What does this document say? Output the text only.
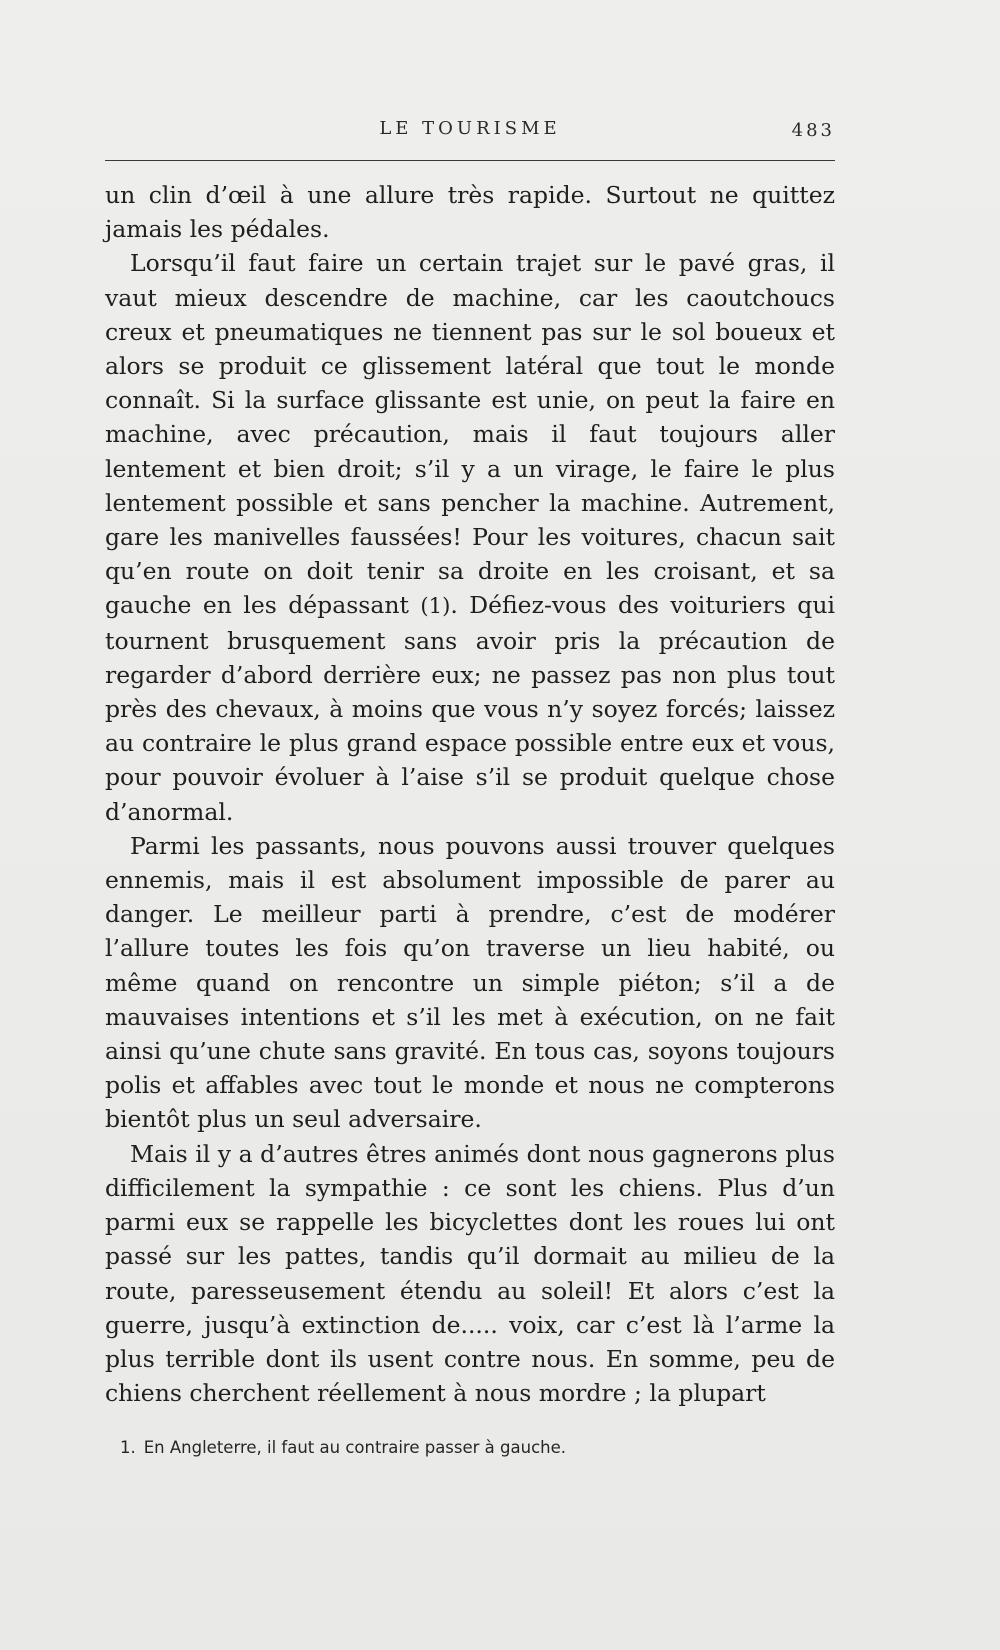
LE TOURISME	483

un clin d’œil à une allure très rapide. Surtout ne quittez jamais les pédales.

Lorsqu’il faut faire un certain trajet sur le pavé gras, il vaut mieux descendre de machine, car les caoutchoucs creux et pneumatiques ne tiennent pas sur le sol boueux et alors se produit ce glissement latéral que tout le monde connaît. Si la surface glissante est unie, on peut la faire en machine, avec précaution, mais il faut toujours aller lentement et bien droit; s’il y a un virage, le faire le plus lentement possible et sans pencher la machine. Autrement, gare les manivelles faussées! Pour les voitures, chacun sait qu’en route on doit tenir sa droite en les croisant, et sa gauche en les dépassant (1). Défiez-vous des voituriers qui tournent brusquement sans avoir pris la précaution de regarder d’abord derrière eux; ne passez pas non plus tout près des chevaux, à moins que vous n’y soyez forcés; laissez au contraire le plus grand espace possible entre eux et vous, pour pouvoir évoluer à l’aise s’il se produit quelque chose d’anormal.

Parmi les passants, nous pouvons aussi trouver quelques ennemis, mais il est absolument impossible de parer au danger. Le meilleur parti à prendre, c’est de modérer l’allure toutes les fois qu’on traverse un lieu habité, ou même quand on rencontre un simple piéton; s’il a de mauvaises intentions et s’il les met à exécution, on ne fait ainsi qu’une chute sans gravité. En tous cas, soyons toujours polis et affables avec tout le monde et nous ne compterons bientôt plus un seul adversaire.

Mais il y a d’autres êtres animés dont nous gagnerons plus difficilement la sympathie : ce sont les chiens. Plus d’un parmi eux se rappelle les bicyclettes dont les roues lui ont passé sur les pattes, tandis qu’il dormait au milieu de la route, paresseusement étendu au soleil! Et alors c’est la guerre, jusqu’à extinction de..... voix, car c’est là l’arme la plus terrible dont ils usent contre nous. En somme, peu de chiens cherchent réellement à nous mordre ; la plupart

1. En Angleterre, il faut au contraire passer à gauche.
